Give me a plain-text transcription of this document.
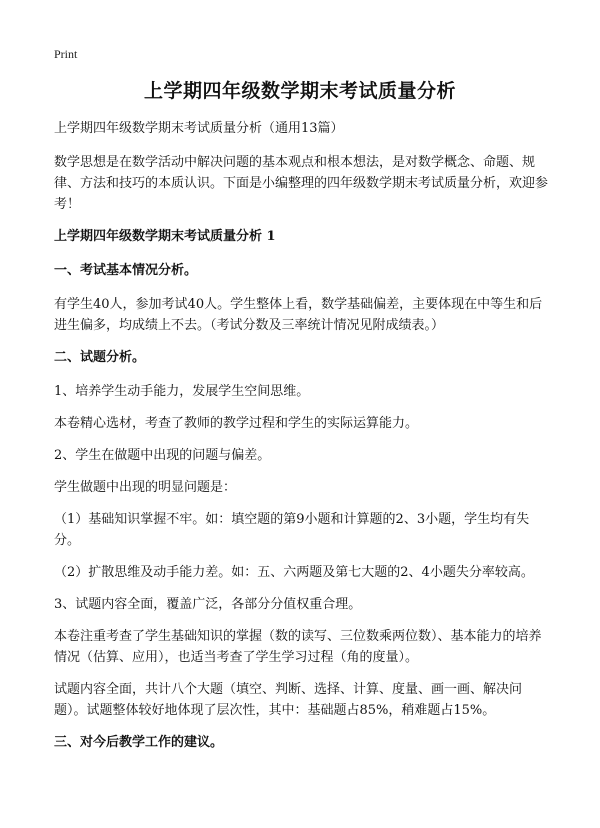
Print
上学期四年级数学期末考试质量分析

上学期四年级数学期末考试质量分析（通用13篇）

数学思想是在数学活动中解决问题的基本观点和根本想法，是对数学概念、命题、规律、方法和技巧的本质认识。下面是小编整理的四年级数学期末考试质量分析，欢迎参考！

上学期四年级数学期末考试质量分析 1

一、考试基本情况分析。

有学生40人，参加考试40人。学生整体上看，数学基础偏差，主要体现在中等生和后进生偏多，均成绩上不去。（考试分数及三率统计情况见附成绩表。）

二、试题分析。

1、培养学生动手能力，发展学生空间思维。

本卷精心选材，考查了教师的教学过程和学生的实际运算能力。

2、学生在做题中出现的问题与偏差。

学生做题中出现的明显问题是：

（1）基础知识掌握不牢。如：填空题的第9小题和计算题的2、3小题，学生均有失分。

（2）扩散思维及动手能力差。如：五、六两题及第七大题的2、4小题失分率较高。

3、试题内容全面，覆盖广泛，各部分分值权重合理。

本卷注重考查了学生基础知识的掌握（数的读写、三位数乘两位数）、基本能力的培养情况（估算、应用），也适当考查了学生学习过程（角的度量）。

试题内容全面，共计八个大题（填空、判断、选择、计算、度量、画一画、解决问题）。试题整体较好地体现了层次性，其中：基础题占85%，稍难题占15%。

三、对今后教学工作的建议。
